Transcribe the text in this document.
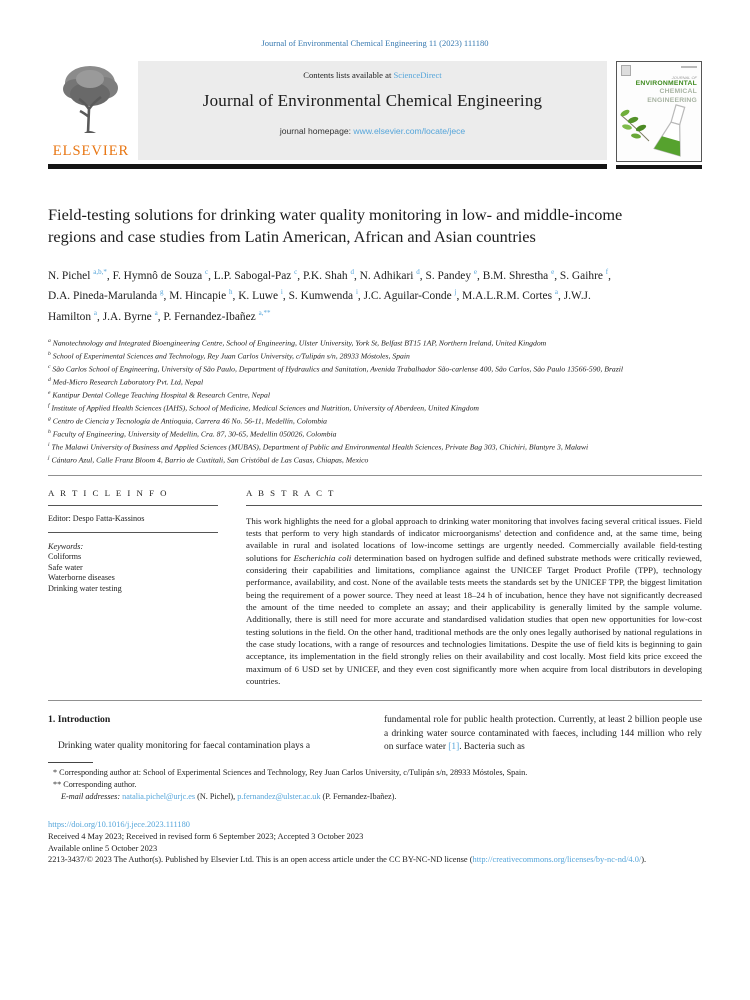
Journal of Environmental Chemical Engineering 11 (2023) 111180
ELSEVIER
Contents lists available at ScienceDirect
Journal of Environmental Chemical Engineering
journal homepage: www.elsevier.com/locate/jece
JOURNAL OF
ENVIRONMENTAL
CHEMICAL
ENGINEERING
Field-testing solutions for drinking water quality monitoring in low- and middle-income regions and case studies from Latin American, African and Asian countries
N. Pichel $^{a,b,*}$, F. Hymnô de Souza $^c$, L.P. Sabogal-Paz $^c$, P.K. Shah $^d$, N. Adhikari $^d$, S. Pandey $^e$, B.M. Shrestha $^e$, S. Gaihre $^f$, D.A. Pineda-Marulanda $^g$, M. Hincapie $^h$, K. Luwe $^i$, S. Kumwenda $^i$, J.C. Aguilar-Conde $^j$, M.A.L.R.M. Cortes $^a$, J.W.J. Hamilton $^a$, J.A. Byrne $^a$, P. Fernandez-Ibañez $^{a,**}$
$^a$ Nanotechnology and Integrated Bioengineering Centre, School of Engineering, Ulster University, York St, Belfast BT15 1AP, Northern Ireland, United Kingdom
$^b$ School of Experimental Sciences and Technology, Rey Juan Carlos University, c/Tulipán s/n, 28933 Móstoles, Spain
$^c$ São Carlos School of Engineering, University of São Paulo, Department of Hydraulics and Sanitation, Avenida Trabalhador São-carlense 400, São Carlos, São Paulo 13566-590, Brazil
$^d$ Med-Micro Research Laboratory Pvt. Ltd, Nepal
$^e$ Kantipur Dental College Teaching Hospital & Research Centre, Nepal
$^f$ Institute of Applied Health Sciences (IAHS), School of Medicine, Medical Sciences and Nutrition, University of Aberdeen, United Kingdom
$^g$ Centro de Ciencia y Tecnología de Antioquia, Carrera 46 No. 56-11, Medellín, Colombia
$^h$ Faculty of Engineering, University of Medellin, Cra. 87, 30-65, Medellin 050026, Colombia
$^i$ The Malawi University of Business and Applied Sciences (MUBAS), Department of Public and Environmental Health Sciences, Private Bag 303, Chichiri, Blantyre 3, Malawi
$^j$ Cántaro Azul, Calle Franz Bloom 4, Barrio de Cuxtitali, San Cristóbal de Las Casas, Chiapas, Mexico
A R T I C L E I N F O
Editor: Despo Fatta-Kassinos
Keywords:
Coliforms
Safe water
Waterborne diseases
Drinking water testing
A B S T R A C T
This work highlights the need for a global approach to drinking water monitoring that involves facing several critical issues. Field tests that perform to very high standards of indicator microorganisms' detection and confidence and, at the same time, being available in rural and isolated locations of low-income settings are urgently needed. Commercially available field-testing solutions for Escherichia coli determination based on hydrogen sulfide and defined substrate methods were critically reviewed, considering their capabilities and limitations, compliance against the UNICEF Target Product Profile (TPP), technology performance, availability, and cost. None of the available tests meets the standards set by the UNICEF TPP, the biggest limitation being the requirement of a power source. They need at least 18–24 h of incubation, hence they have not significantly decreased the amount of the time needed to complete an assay; and their applicability is generally limited by the sample volume. Additionally, there is still need for more accurate and standardised validation studies that open new opportunities for low-cost testing solutions in the field. On the other hand, traditional methods are the only ones legally authorised by national regulations in the case study locations, with a range of resources and technologies limitations. Despite the use of field kits is beginning to gain acceptance, its implementation in the field strongly relies on their availability and cost locally. Most field kits price exceed the maximum of 6 USD set by UNICEF, and they even cost significantly more when acquire from local distributors in developing countries.
1. Introduction
Drinking water quality monitoring for faecal contamination plays a
fundamental role for public health protection. Currently, at least 2 billion people use a drinking water source contaminated with faeces, including 144 million who rely on surface water [1]. Bacteria such as
* Corresponding author at: School of Experimental Sciences and Technology, Rey Juan Carlos University, c/Tulipán s/n, 28933 Móstoles, Spain.
** Corresponding author.
E-mail addresses: natalia.pichel@urjc.es (N. Pichel), p.fernandez@ulster.ac.uk (P. Fernandez-Ibañez).
https://doi.org/10.1016/j.jece.2023.111180
Received 4 May 2023; Received in revised form 6 September 2023; Accepted 3 October 2023
Available online 5 October 2023
2213-3437/© 2023 The Author(s). Published by Elsevier Ltd. This is an open access article under the CC BY-NC-ND license (http://creativecommons.org/licenses/by-nc-nd/4.0/).
